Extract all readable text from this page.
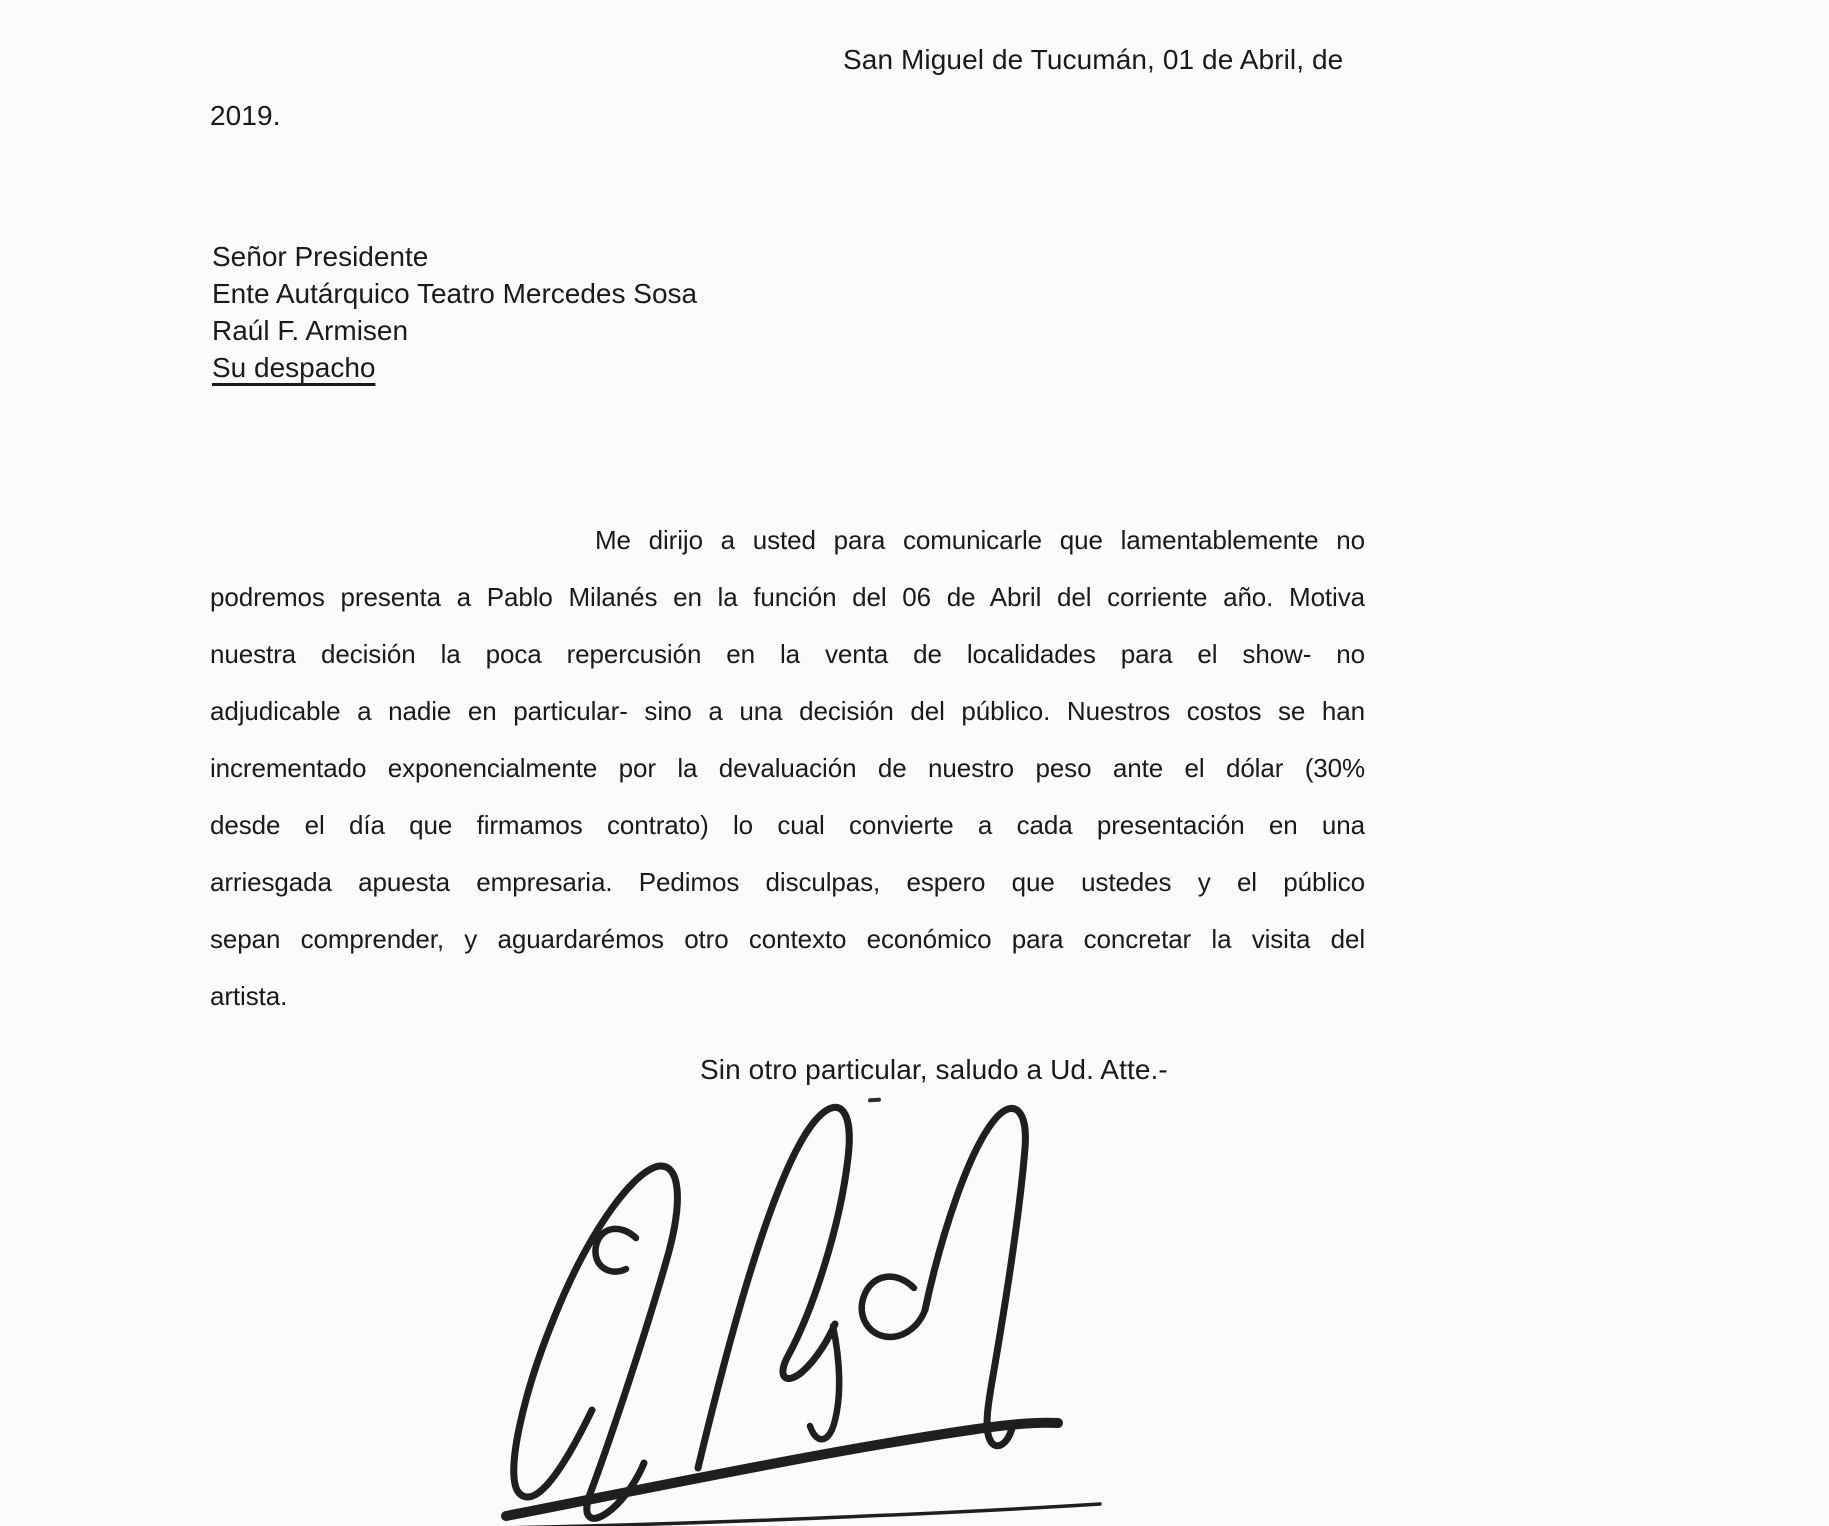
San Miguel de Tucumán, 01 de Abril, de
2019.
Señor Presidente
Ente Autárquico Teatro Mercedes Sosa
Raúl F. Armisen
Su despacho
Me dirijo a usted para comunicarle que lamentablemente no
podremos presenta a Pablo Milanés en la función del 06 de Abril del corriente año. Motiva
nuestra decisión la poca repercusión en la venta de localidades para el show- no
adjudicable a nadie en particular- sino a una decisión del público. Nuestros costos se han
incrementado exponencialmente por la devaluación de nuestro peso ante el dólar (30%
desde el día que firmamos contrato) lo cual convierte a cada presentación en una
arriesgada apuesta empresaria. Pedimos disculpas, espero que ustedes y el público
sepan comprender, y aguardarémos otro contexto económico para concretar la visita del
artista.
Sin otro particular, saludo a Ud. Atte.-
